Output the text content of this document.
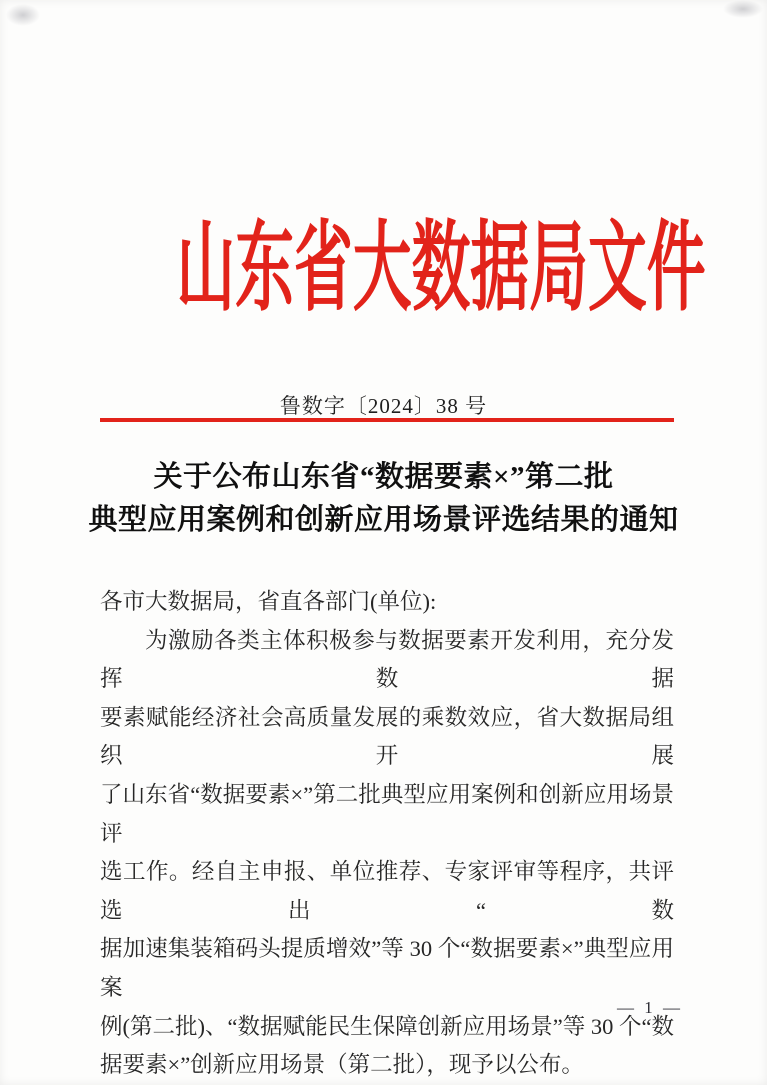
山东省大数据局文件
鲁数字〔2024〕38 号
关于公布山东省“数据要素×”第二批
典型应用案例和创新应用场景评选结果的通知
各市大数据局，省直各部门(单位):
为激励各类主体积极参与数据要素开发利用，充分发挥数据
要素赋能经济社会高质量发展的乘数效应，省大数据局组织开展
了山东省“数据要素×”第二批典型应用案例和创新应用场景评
选工作。经自主申报、单位推荐、专家评审等程序，共评选出“数
据加速集装箱码头提质增效”等 30 个“数据要素×”典型应用案
例(第二批)、“数据赋能民生保障创新应用场景”等 30 个“数
据要素×”创新应用场景（第二批），现予以公布。
— 1 —
